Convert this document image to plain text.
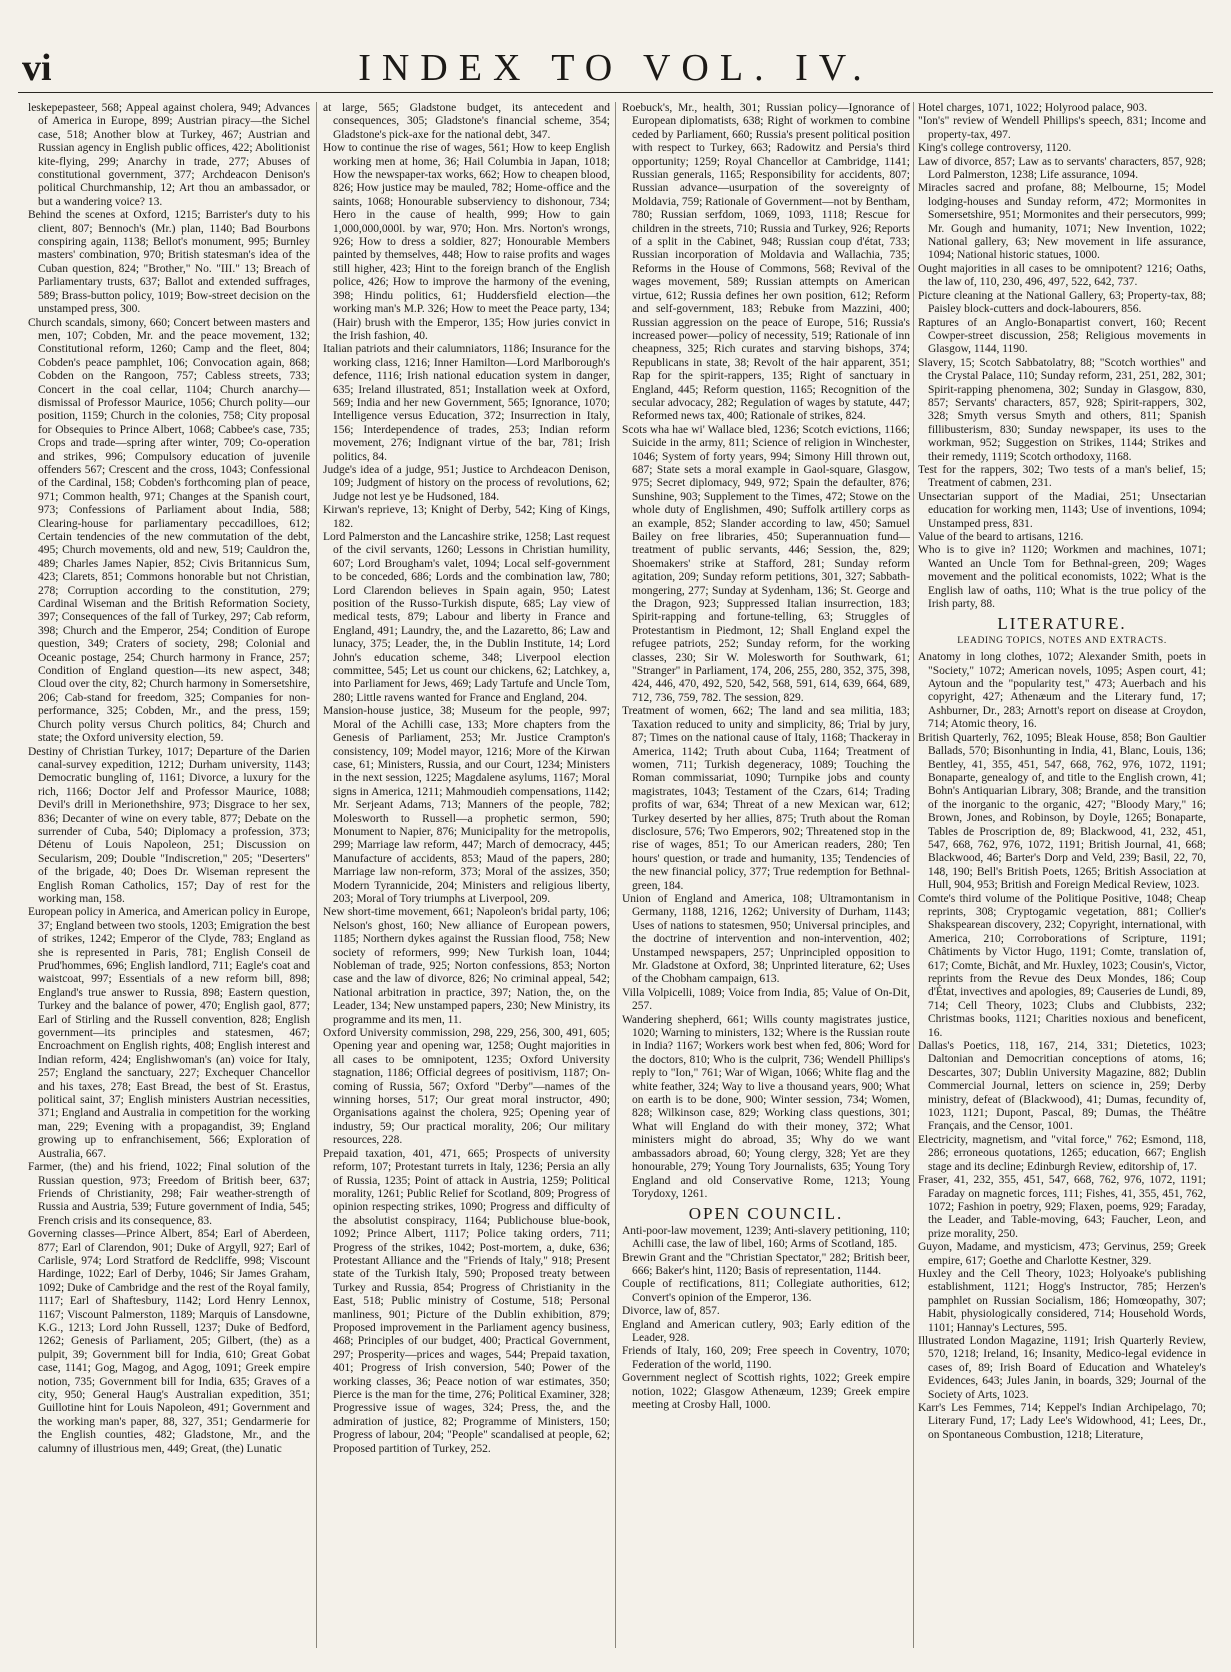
vi	INDEX TO VOL. IV.

leskepepasteer, 568; Appeal against cholera, 949; Advances of America in Europe, 899; Austrian piracy—the Sichel case, 518; Another blow at Turkey, 467; Austrian and Russian agency in English public offices, 422; Abolitionist kite-flying, 299; Anarchy in trade, 277; Abuses of constitutional government, 377; Archdeacon Denison's political Churchmanship, 12; Art thou an ambassador, or but a wandering voice? 13.

Behind the scenes at Oxford, 1215; Barrister's duty to his client, 807; Bennoch's (Mr.) plan, 1140; Bad Bourbons conspiring again, 1138; Bellot's monument, 995; Burnley masters' combination, 970; British statesman's idea of the Cuban question, 824; "Brother," No. "III." 13; Breach of Parliamentary trusts, 637; Ballot and extended suffrages, 589; Brass-button policy, 1019; Bow-street decision on the unstamped press, 300.

Church scandals, simony, 660; Concert between masters and men, 107; Cobden, Mr. and the peace movement, 132; Constitutional reform, 1260; Camp and the fleet, 804; Cobden's peace pamphlet, 106; Convocation again, 868; Cobden on the Rangoon, 757; Cabless streets, 733; Concert in the coal cellar, 1104; Church anarchy—dismissal of Professor Maurice, 1056; Church polity—our position, 1159; Church in the colonies, 758; City proposal for Obsequies to Prince Albert, 1068; Cabbee's case, 735; Crops and trade—spring after winter, 709; Co-operation and strikes, 996; Compulsory education of juvenile offenders 567; Crescent and the cross, 1043; Confessional of the Cardinal, 158; Cobden's forthcoming plan of peace, 971; Common health, 971; Changes at the Spanish court, 973; Confessions of Parliament about India, 588; Clearing-house for parliamentary peccadilloes, 612; Certain tendencies of the new commutation of the debt, 495; Church movements, old and new, 519; Cauldron the, 489; Charles James Napier, 852; Civis Britannicus Sum, 423; Clarets, 851; Commons honorable but not Christian, 278; Corruption according to the constitution, 279; Cardinal Wiseman and the British Reformation Society, 397; Consequences of the fall of Turkey, 297; Cab reform, 398; Church and the Emperor, 254; Condition of Europe question, 349; Craters of society, 298; Colonial and Oceanic postage, 254; Church harmony in France, 257; Condition of England question—its new aspect, 348; Cloud over the city, 82; Church harmony in Somersetshire, 206; Cab-stand for freedom, 325; Companies for non-performance, 325; Cobden, Mr., and the press, 159; Church polity versus Church politics, 84; Church and state; the Oxford university election, 59.

Destiny of Christian Turkey, 1017; Departure of the Darien canal-survey expedition, 1212; Durham university, 1143; Democratic bungling of, 1161; Divorce, a luxury for the rich, 1166; Doctor Jelf and Professor Maurice, 1088; Devil's drill in Merionethshire, 973; Disgrace to her sex, 836; Decanter of wine on every table, 877; Debate on the surrender of Cuba, 540; Diplomacy a profession, 373; Détenu of Louis Napoleon, 251; Discussion on Secularism, 209; Double "Indiscretion," 205; "Deserters" of the brigade, 40; Does Dr. Wiseman represent the English Roman Catholics, 157; Day of rest for the working man, 158.

European policy in America, and American policy in Europe, 37; England between two stools, 1203; Emigration the best of strikes, 1242; Emperor of the Clyde, 783; England as she is represented in Paris, 781; English Conseil de Prud'hommes, 696; English landlord, 711; Eagle's coat and waistcoat, 997; Essentials of a new reform bill, 898; England's true answer to Russia, 898; Eastern question, Turkey and the balance of power, 470; English gaol, 877; Earl of Stirling and the Russell convention, 828; English government—its principles and statesmen, 467; Encroachment on English rights, 408; English interest and Indian reform, 424; Englishwoman's (an) voice for Italy, 257; England the sanctuary, 227; Exchequer Chancellor and his taxes, 278; East Bread, the best of St. Erastus, political saint, 37; English ministers Austrian necessities, 371; England and Australia in competition for the working man, 229; Evening with a propagandist, 39; England growing up to enfranchisement, 566; Exploration of Australia, 667.

Farmer, (the) and his friend, 1022; Final solution of the Russian question, 973; Freedom of British beer, 637; Friends of Christianity, 298; Fair weather-strength of Russia and Austria, 539; Future government of India, 545; French crisis and its consequence, 83.

Governing classes—Prince Albert, 854; Earl of Aberdeen, 877; Earl of Clarendon, 901; Duke of Argyll, 927; Earl of Carlisle, 974; Lord Stratford de Redcliffe, 998; Viscount Hardinge, 1022; Earl of Derby, 1046; Sir James Graham, 1092; Duke of Cambridge and the rest of the Royal family, 1117; Earl of Shaftesbury, 1142; Lord Henry Lennox, 1167; Viscount Palmerston, 1189; Marquis of Lansdowne, K.G., 1213; Lord John Russell, 1237; Duke of Bedford, 1262; Genesis of Parliament, 205; Gilbert, (the) as a pulpit, 39; Government bill for India, 610; Great Gobat case, 1141; Gog, Magog, and Agog, 1091; Greek empire notion, 735; Government bill for India, 635; Graves of a city, 950; General Haug's Australian expedition, 351; Guillotine hint for Louis Napoleon, 491; Government and the working man's paper, 88, 327, 351; Gendarmerie for the English counties, 482; Gladstone, Mr., and the calumny of illustrious men, 449; Great, (the) Lunatic

at large, 565; Gladstone budget, its antecedent and consequences, 305; Gladstone's financial scheme, 354; Gladstone's pick-axe for the national debt, 347.

How to continue the rise of wages, 561; How to keep English working men at home, 36; Hail Columbia in Japan, 1018; How the newspaper-tax works, 662; How to cheapen blood, 826; How justice may be mauled, 782; Home-office and the saints, 1068; Honourable subserviency to dishonour, 734; Hero in the cause of health, 999; How to gain 1,000,000,000l. by war, 970; Hon. Mrs. Norton's wrongs, 926; How to dress a soldier, 827; Honourable Members painted by themselves, 448; How to raise profits and wages still higher, 423; Hint to the foreign branch of the English police, 426; How to improve the harmony of the evening, 398; Hindu politics, 61; Huddersfield election—the working man's M.P. 326; How to meet the Peace party, 134; (Hair) brush with the Emperor, 135; How juries convict in the Irish fashion, 40.

Italian patriots and their calumniators, 1186; Insurance for the working class, 1216; Inner Hamilton—Lord Marlborough's defence, 1116; Irish national education system in danger, 635; Ireland illustrated, 851; Installation week at Oxford, 569; India and her new Government, 565; Ignorance, 1070; Intelligence versus Education, 372; Insurrection in Italy, 156; Interdependence of trades, 253; Indian reform movement, 276; Indignant virtue of the bar, 781; Irish politics, 84.

Judge's idea of a judge, 951; Justice to Archdeacon Denison, 109; Judgment of history on the process of revolutions, 62; Judge not lest ye be Hudsoned, 184.

Kirwan's reprieve, 13; Knight of Derby, 542; King of Kings, 182.

Lord Palmerston and the Lancashire strike, 1258; Last request of the civil servants, 1260; Lessons in Christian humility, 607; Lord Brougham's valet, 1094; Local self-government to be conceded, 686; Lords and the combination law, 780; Lord Clarendon believes in Spain again, 950; Latest position of the Russo-Turkish dispute, 685; Lay view of medical tests, 879; Labour and liberty in France and England, 491; Laundry, the, and the Lazaretto, 86; Law and lunacy, 375; Leader, the, in the Dublin Institute, 14; Lord John's education scheme, 348; Liverpool election committee, 545; Let us count our chickens, 62; Latchkey, a, into Parliament for Jews, 469; Lady Tartufe and Uncle Tom, 280; Little ravens wanted for France and England, 204.

Mansion-house justice, 38; Museum for the people, 997; Moral of the Achilli case, 133; More chapters from the Genesis of Parliament, 253; Mr. Justice Crampton's consistency, 109; Model mayor, 1216; More of the Kirwan case, 61; Ministers, Russia, and our Court, 1234; Ministers in the next session, 1225; Magdalene asylums, 1167; Moral signs in America, 1211; Mahmoudieh compensations, 1142; Mr. Serjeant Adams, 713; Manners of the people, 782; Molesworth to Russell—a prophetic sermon, 590; Monument to Napier, 876; Municipality for the metropolis, 299; Marriage law reform, 447; March of democracy, 445; Manufacture of accidents, 853; Maud of the papers, 280; Marriage law non-reform, 373; Moral of the assizes, 350; Modern Tyrannicide, 204; Ministers and religious liberty, 203; Moral of Tory triumphs at Liverpool, 209.

New short-time movement, 661; Napoleon's bridal party, 106; Nelson's ghost, 160; New alliance of European powers, 1185; Northern dykes against the Russian flood, 758; New society of reformers, 999; New Turkish loan, 1044; Nobleman of trade, 925; Norton confessions, 853; Norton case and the law of divorce, 826; No criminal appeal, 542; National arbitration in practice, 397; Nation, the, on the Leader, 134; New unstamped papers, 230; New Ministry, its programme and its men, 11.

Oxford University commission, 298, 229, 256, 300, 491, 605; Opening year and opening war, 1258; Ought majorities in all cases to be omnipotent, 1235; Oxford University stagnation, 1186; Official degrees of positivism, 1187; On-coming of Russia, 567; Oxford "Derby"—names of the winning horses, 517; Our great moral instructor, 490; Organisations against the cholera, 925; Opening year of industry, 59; Our practical morality, 206; Our military resources, 228.

Prepaid taxation, 401, 471, 665; Prospects of university reform, 107; Protestant turrets in Italy, 1236; Persia an ally of Russia, 1235; Point of attack in Austria, 1259; Political morality, 1261; Public Relief for Scotland, 809; Progress of opinion respecting strikes, 1090; Progress and difficulty of the absolutist conspiracy, 1164; Publichouse blue-book, 1092; Prince Albert, 1117; Police taking orders, 711; Progress of the strikes, 1042; Post-mortem, a, duke, 636; Protestant Alliance and the "Friends of Italy," 918; Present state of the Turkish Italy, 590; Proposed treaty between Turkey and Russia, 854; Progress of Christianity in the East, 518; Public ministry of Costume, 518; Personal manliness, 901; Picture of the Dublin exhibition, 879; Proposed improvement in the Parliament agency business, 468; Principles of our budget, 400; Practical Government, 297; Prosperity—prices and wages, 544; Prepaid taxation, 401; Progress of Irish conversion, 540; Power of the working classes, 36; Peace notion of war estimates, 350; Pierce is the man for the time, 276; Political Examiner, 328; Progressive issue of wages, 324; Press, the, and the admiration of justice, 82; Programme of Ministers, 150; Progress of labour, 204; "People" scandalised at people, 62; Proposed partition of Turkey, 252.

Roebuck's, Mr., health, 301; Russian policy—Ignorance of European diplomatists, 638; Right of workmen to combine ceded by Parliament, 660; Russia's present political position with respect to Turkey, 663; Radowitz and Persia's third opportunity; 1259; Royal Chancellor at Cambridge, 1141; Russian generals, 1165; Responsibility for accidents, 807; Russian advance—usurpation of the sovereignty of Moldavia, 759; Rationale of Government—not by Bentham, 780; Russian serfdom, 1069, 1093, 1118; Rescue for children in the streets, 710; Russia and Turkey, 926; Reports of a split in the Cabinet, 948; Russian coup d'état, 733; Russian incorporation of Moldavia and Wallachia, 735; Reforms in the House of Commons, 568; Revival of the wages movement, 589; Russian attempts on American virtue, 612; Russia defines her own position, 612; Reform and self-government, 183; Rebuke from Mazzini, 400; Russian aggression on the peace of Europe, 516; Russia's increased power—policy of necessity, 519; Rationale of inn cheapness, 325; Rich curates and starving bishops, 374; Republicans in state, 38; Revolt of the hair apparent, 351; Rap for the spirit-rappers, 135; Right of sanctuary in England, 445; Reform question, 1165; Recognition of the secular advocacy, 282; Regulation of wages by statute, 447; Reformed news tax, 400; Rationale of strikes, 824.

Scots wha hae wi' Wallace bled, 1236; Scotch evictions, 1166; Suicide in the army, 811; Science of religion in Winchester, 1046; System of forty years, 994; Simony Hill thrown out, 687; State sets a moral example in Gaol-square, Glasgow, 975; Secret diplomacy, 949, 972; Spain the defaulter, 876; Sunshine, 903; Supplement to the Times, 472; Stowe on the whole duty of Englishmen, 490; Suffolk artillery corps as an example, 852; Slander according to law, 450; Samuel Bailey on free libraries, 450; Superannuation fund—treatment of public servants, 446; Session, the, 829; Shoemakers' strike at Stafford, 281; Sunday reform agitation, 209; Sunday reform petitions, 301, 327; Sabbath-mongering, 277; Sunday at Sydenham, 136; St. George and the Dragon, 923; Suppressed Italian insurrection, 183; Spirit-rapping and fortune-telling, 63; Struggles of Protestantism in Piedmont, 12; Shall England expel the refugee patriots, 252; Sunday reform, for the working classes, 230; Sir W. Molesworth for Southwark, 61; "Stranger" in Parliament, 174, 206, 255, 280, 352, 375, 398, 424, 446, 470, 492, 520, 542, 568, 591, 614, 639, 664, 689, 712, 736, 759, 782. The session, 829.

Treatment of women, 662; The land and sea militia, 183; Taxation reduced to unity and simplicity, 86; Trial by jury, 87; Times on the national cause of Italy, 1168; Thackeray in America, 1142; Truth about Cuba, 1164; Treatment of women, 711; Turkish degeneracy, 1089; Touching the Roman commissariat, 1090; Turnpike jobs and county magistrates, 1043; Testament of the Czars, 614; Trading profits of war, 634; Threat of a new Mexican war, 612; Turkey deserted by her allies, 875; Truth about the Roman disclosure, 576; Two Emperors, 902; Threatened stop in the rise of wages, 851; To our American readers, 280; Ten hours' question, or trade and humanity, 135; Tendencies of the new financial policy, 377; True redemption for Bethnal-green, 184.

Union of England and America, 108; Ultramontanism in Germany, 1188, 1216, 1262; University of Durham, 1143; Uses of nations to statesmen, 950; Universal principles, and the doctrine of intervention and non-intervention, 402; Unstamped newspapers, 257; Unprincipled opposition to Mr. Gladstone at Oxford, 38; Unprinted literature, 62; Uses of the Chobham campaign, 613.

Villa Volpicelli, 1089; Voice from India, 85; Value of On-Dit, 257.

Wandering shepherd, 661; Wills county magistrates justice, 1020; Warning to ministers, 132; Where is the Russian route in India? 1167; Workers work best when fed, 806; Word for the doctors, 810; Who is the culprit, 736; Wendell Phillips's reply to "Ion," 761; War of Wigan, 1066; White flag and the white feather, 324; Way to live a thousand years, 900; What on earth is to be done, 900; Winter session, 734; Women, 828; Wilkinson case, 829; Working class questions, 301; What will England do with their money, 372; What ministers might do abroad, 35; Why do we want ambassadors abroad, 60; Young clergy, 328; Yet are they honourable, 279; Young Tory Journalists, 635; Young Tory England and old Conservative Rome, 1213; Young Torydoxy, 1261.

OPEN COUNCIL.

Anti-poor-law movement, 1239; Anti-slavery petitioning, 110; Achilli case, the law of libel, 160; Arms of Scotland, 185.

Brewin Grant and the "Christian Spectator," 282; British beer, 666; Baker's hint, 1120; Basis of representation, 1144.

Couple of rectifications, 811; Collegiate authorities, 612; Convert's opinion of the Emperor, 136.

Divorce, law of, 857.

England and American cutlery, 903; Early edition of the Leader, 928.

Friends of Italy, 160, 209; Free speech in Coventry, 1070; Federation of the world, 1190.

Government neglect of Scottish rights, 1022; Greek empire notion, 1022; Glasgow Athenæum, 1239; Greek empire meeting at Crosby Hall, 1000.

Hotel charges, 1071, 1022; Holyrood palace, 903.

"Ion's" review of Wendell Phillips's speech, 831; Income and property-tax, 497.

King's college controversy, 1120.

Law of divorce, 857; Law as to servants' characters, 857, 928; Lord Palmerston, 1238; Life assurance, 1094.

Miracles sacred and profane, 88; Melbourne, 15; Model lodging-houses and Sunday reform, 472; Mormonites in Somersetshire, 951; Mormonites and their persecutors, 999; Mr. Gough and humanity, 1071; New Invention, 1022; National gallery, 63; New movement in life assurance, 1094; National historic statues, 1000.

Ought majorities in all cases to be omnipotent? 1216; Oaths, the law of, 110, 230, 496, 497, 522, 642, 737.

Picture cleaning at the National Gallery, 63; Property-tax, 88; Paisley block-cutters and dock-labourers, 856.

Raptures of an Anglo-Bonapartist convert, 160; Recent Cowper-street discussion, 258; Religious movements in Glasgow, 1144, 1190.

Slavery, 15; Scotch Sabbatolatry, 88; "Scotch worthies" and the Crystal Palace, 110; Sunday reform, 231, 251, 282, 301; Spirit-rapping phenomena, 302; Sunday in Glasgow, 830, 857; Servants' characters, 857, 928; Spirit-rappers, 302, 328; Smyth versus Smyth and others, 811; Spanish fillibusterism, 830; Sunday newspaper, its uses to the workman, 952; Suggestion on Strikes, 1144; Strikes and their remedy, 1119; Scotch orthodoxy, 1168.

Test for the rappers, 302; Two tests of a man's belief, 15; Treatment of cabmen, 231.

Unsectarian support of the Madiai, 251; Unsectarian education for working men, 1143; Use of inventions, 1094; Unstamped press, 831.

Value of the beard to artisans, 1216.

Who is to give in? 1120; Workmen and machines, 1071; Wanted an Uncle Tom for Bethnal-green, 209; Wages movement and the political economists, 1022; What is the English law of oaths, 110; What is the true policy of the Irish party, 88.

LITERATURE.
LEADING TOPICS, NOTES AND EXTRACTS.

Anatomy in long clothes, 1072; Alexander Smith, poets in "Society," 1072; American novels, 1095; Aspen court, 41; Aytoun and the "popularity test," 473; Auerbach and his copyright, 427; Athenæum and the Literary fund, 17; Ashburner, Dr., 283; Arnott's report on disease at Croydon, 714; Atomic theory, 16.

British Quarterly, 762, 1095; Bleak House, 858; Bon Gaultier Ballads, 570; Bisonhunting in India, 41, Blanc, Louis, 136; Bentley, 41, 355, 451, 547, 668, 762, 976, 1072, 1191; Bonaparte, genealogy of, and title to the English crown, 41; Bohn's Antiquarian Library, 308; Brande, and the transition of the inorganic to the organic, 427; "Bloody Mary," 16; Brown, Jones, and Robinson, by Doyle, 1265; Bonaparte, Tables de Proscription de, 89; Blackwood, 41, 232, 451, 547, 668, 762, 976, 1072, 1191; British Journal, 41, 668; Blackwood, 46; Barter's Dorp and Veld, 239; Basil, 22, 70, 148, 190; Bell's British Poets, 1265; British Association at Hull, 904, 953; British and Foreign Medical Review, 1023.

Comte's third volume of the Politique Positive, 1048; Cheap reprints, 308; Cryptogamic vegetation, 881; Collier's Shakspearean discovery, 232; Copyright, international, with America, 210; Corroborations of Scripture, 1191; Châtiments by Victor Hugo, 1191; Comte, translation of, 617; Comte, Bichât, and Mr. Huxley, 1023; Cousin's, Victor, reprints from the Revue des Deux Mondes, 186; Coup d'État, invectives and apologies, 89; Causeries de Lundi, 89, 714; Cell Theory, 1023; Clubs and Clubbists, 232; Christmas books, 1121; Charities noxious and beneficent, 16.

Dallas's Poetics, 118, 167, 214, 331; Dietetics, 1023; Daltonian and Democritian conceptions of atoms, 16; Descartes, 307; Dublin University Magazine, 882; Dublin Commercial Journal, letters on science in, 259; Derby ministry, defeat of (Blackwood), 41; Dumas, fecundity of, 1023, 1121; Dupont, Pascal, 89; Dumas, the Théâtre Français, and the Censor, 1001.

Electricity, magnetism, and "vital force," 762; Esmond, 118, 286; erroneous quotations, 1265; education, 667; English stage and its decline; Edinburgh Review, editorship of, 17.

Fraser, 41, 232, 355, 451, 547, 668, 762, 976, 1072, 1191; Faraday on magnetic forces, 111; Fishes, 41, 355, 451, 762, 1072; Fashion in poetry, 929; Flaxen, poems, 929; Faraday, the Leader, and Table-moving, 643; Faucher, Leon, and prize morality, 250.

Guyon, Madame, and mysticism, 473; Gervinus, 259; Greek empire, 617; Goethe and Charlotte Kestner, 329.

Huxley and the Cell Theory, 1023; Holyoake's publishing establishment, 1121; Hogg's Instructor, 785; Herzen's pamphlet on Russian Socialism, 186; Homœopathy, 307; Habit, physiologically considered, 714; Household Words, 1101; Hannay's Lectures, 595.

Illustrated London Magazine, 1191; Irish Quarterly Review, 570, 1218; Ireland, 16; Insanity, Medico-legal evidence in cases of, 89; Irish Board of Education and Whateley's Evidences, 643; Jules Janin, in boards, 329; Journal of the Society of Arts, 1023.

Karr's Les Femmes, 714; Keppel's Indian Archipelago, 70; Literary Fund, 17; Lady Lee's Widowhood, 41; Lees, Dr., on Spontaneous Combustion, 1218; Literature,
